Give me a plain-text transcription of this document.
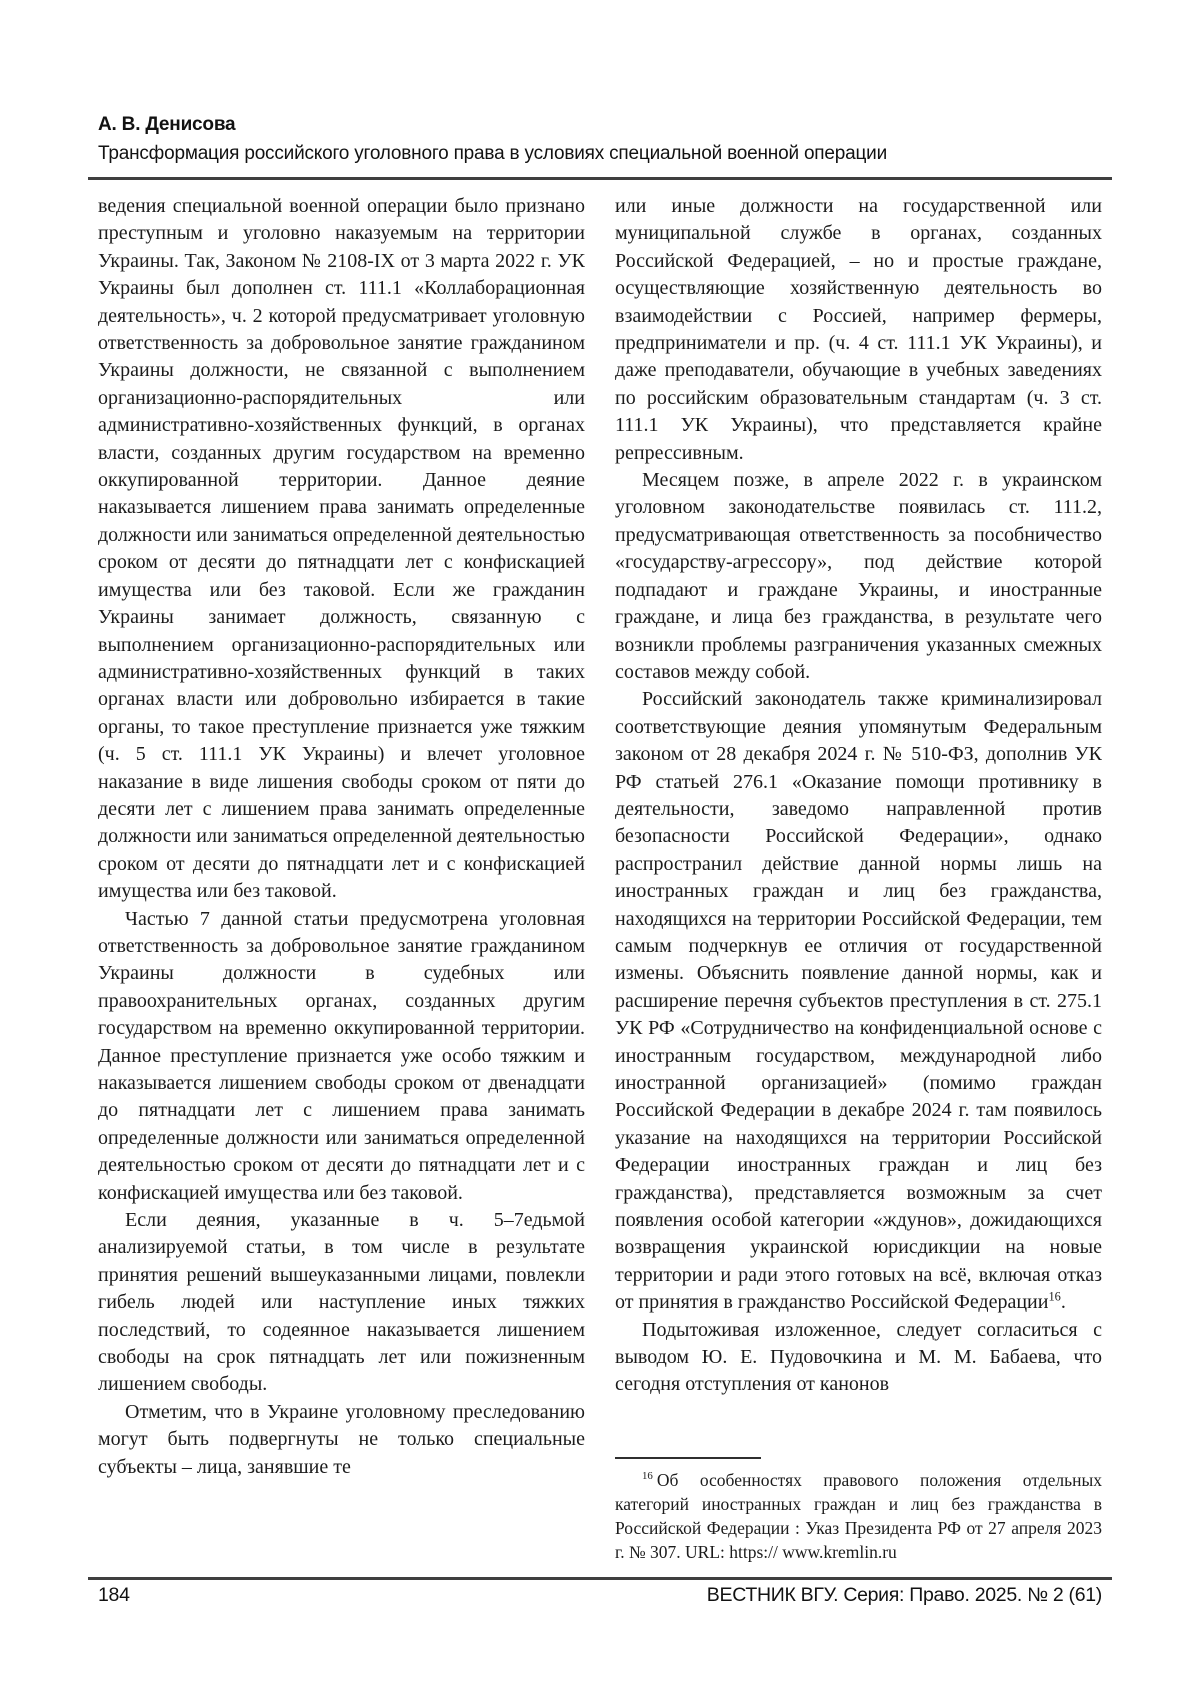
А. В. Денисова
Трансформация российского уголовного права в условиях специальной военной операции

ведения специальной военной операции было признано преступным и уголовно наказуемым на территории Украины. Так, Законом № 2108-IX от 3 марта 2022 г. УК Украины был дополнен ст. 111.1 «Коллаборационная деятельность», ч. 2 которой предусматривает уголовную ответственность за добровольное занятие гражданином Украины должности, не связанной с выполнением организационно-распорядительных или административно-хозяйственных функций, в органах власти, созданных другим государством на временно оккупированной территории. Данное деяние наказывается лишением права занимать определенные должности или заниматься определенной деятельностью сроком от десяти до пятнадцати лет с конфискацией имущества или без таковой. Если же гражданин Украины занимает должность, связанную с выполнением организационно-распорядительных или административно-хозяйственных функций в таких органах власти или добровольно избирается в такие органы, то такое преступление признается уже тяжким (ч. 5 ст. 111.1 УК Украины) и влечет уголовное наказание в виде лишения свободы сроком от пяти до десяти лет с лишением права занимать определенные должности или заниматься определенной деятельностью сроком от десяти до пятнадцати лет и с конфискацией имущества или без таковой.

Частью 7 данной статьи предусмотрена уголовная ответственность за добровольное занятие гражданином Украины должности в судебных или правоохранительных органах, созданных другим государством на временно оккупированной территории. Данное преступление признается уже особо тяжким и наказывается лишением свободы сроком от двенадцати до пятнадцати лет с лишением права занимать определенные должности или заниматься определенной деятельностью сроком от десяти до пятнадцати лет и с конфискацией имущества или без таковой.

Если деяния, указанные в ч. 5–7едьмой анализируемой статьи, в том числе в результате принятия решений вышеуказанными лицами, повлекли гибель людей или наступление иных тяжких последствий, то содеянное наказывается лишением свободы на срок пятнадцать лет или пожизненным лишением свободы.

Отметим, что в Украине уголовному преследованию могут быть подвергнуты не только специальные субъекты – лица, занявшие те

или иные должности на государственной или муниципальной службе в органах, созданных Российской Федерацией, – но и простые граждане, осуществляющие хозяйственную деятельность во взаимодействии с Россией, например фермеры, предприниматели и пр. (ч. 4 ст. 111.1 УК Украины), и даже преподаватели, обучающие в учебных заведениях по российским образовательным стандартам (ч. 3 ст. 111.1 УК Украины), что представляется крайне репрессивным.

Месяцем позже, в апреле 2022 г. в украинском уголовном законодательстве появилась ст. 111.2, предусматривающая ответственность за пособничество «государству-агрессору», под действие которой подпадают и граждане Украины, и иностранные граждане, и лица без гражданства, в результате чего возникли проблемы разграничения указанных смежных составов между собой.

Российский законодатель также криминализировал соответствующие деяния упомянутым Федеральным законом от 28 декабря 2024 г. № 510-ФЗ, дополнив УК РФ статьей 276.1 «Оказание помощи противнику в деятельности, заведомо направленной против безопасности Российской Федерации», однако распространил действие данной нормы лишь на иностранных граждан и лиц без гражданства, находящихся на территории Российской Федерации, тем самым подчеркнув ее отличия от государственной измены. Объяснить появление данной нормы, как и расширение перечня субъектов преступления в ст. 275.1 УК РФ «Сотрудничество на конфиденциальной основе с иностранным государством, международной либо иностранной организацией» (помимо граждан Российской Федерации в декабре 2024 г. там появилось указание на находящихся на территории Российской Федерации иностранных граждан и лиц без гражданства), представляется возможным за счет появления особой категории «ждунов», дожидающихся возвращения украинской юрисдикции на новые территории и ради этого готовых на всё, включая отказ от принятия в гражданство Российской Федерации$^{16}$.

Подытоживая изложенное, следует согласиться с выводом Ю. Е. Пудовочкина и М. М. Бабаева, что сегодня отступления от канонов

$^{16}$ Об особенностях правового положения отдельных категорий иностранных граждан и лиц без гражданства в Российской Федерации : Указ Президента РФ от 27 апреля 2023 г. № 307. URL: https:// www.kremlin.ru

184	ВЕСТНИК ВГУ. Серия: Право. 2025. № 2 (61)
